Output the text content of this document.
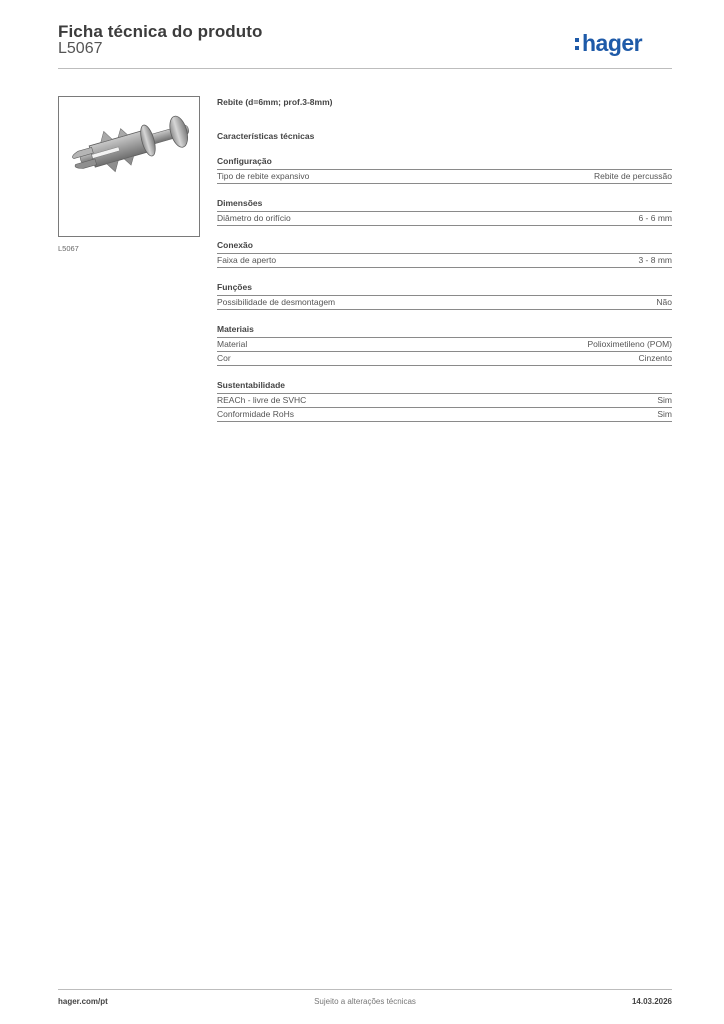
Ficha técnica do produto
L5067	hager
L5067
Rebite (d=6mm; prof.3-8mm)
Características técnicas
Configuração
Tipo de rebite expansivo	Rebite de percussão
Dimensões
Diâmetro do orifício	6 - 6 mm
Conexão
Faixa de aperto	3 - 8 mm
Funções
Possibilidade de desmontagem	Não
Materiais
Material	Polioximetileno (POM)
Cor	Cinzento
Sustentabilidade
REACh - livre de SVHC	Sim
Conformidade RoHs	Sim
Sujeito a alterações técnicas
hager.com/pt	14.03.2026
